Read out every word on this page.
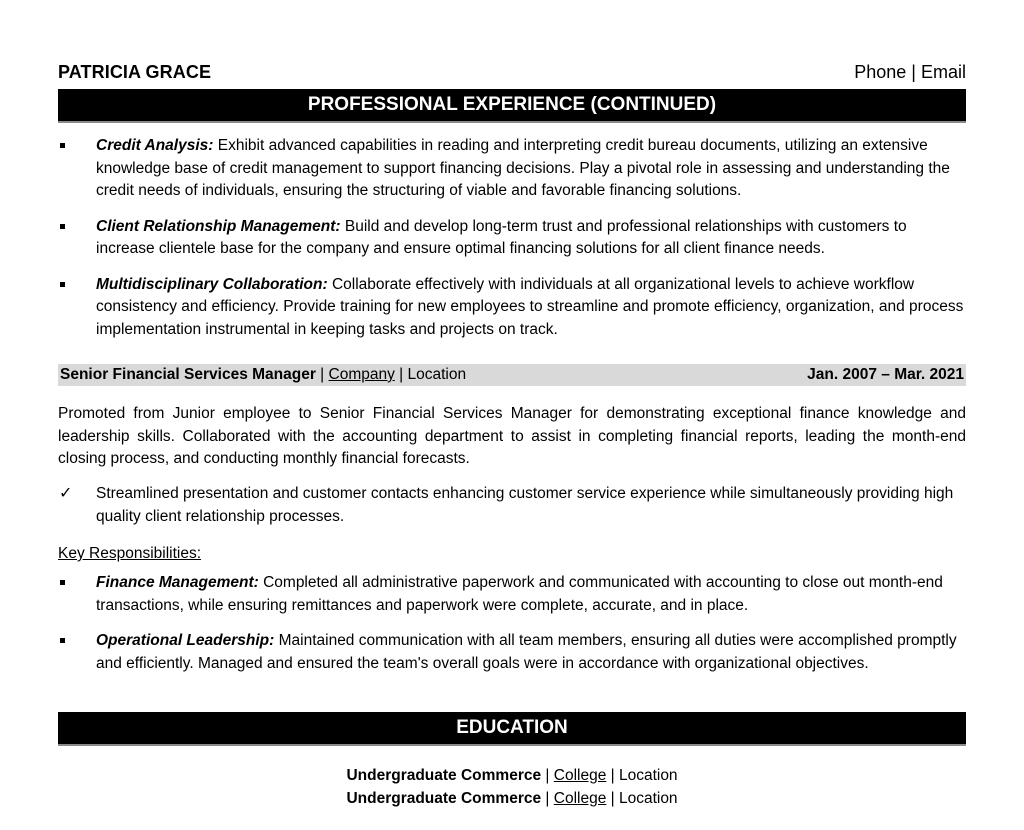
PATRICIA GRACE	Phone | Email
PROFESSIONAL EXPERIENCE (CONTINUED)
Credit Analysis: Exhibit advanced capabilities in reading and interpreting credit bureau documents, utilizing an extensive knowledge base of credit management to support financing decisions. Play a pivotal role in assessing and understanding the credit needs of individuals, ensuring the structuring of viable and favorable financing solutions.
Client Relationship Management: Build and develop long-term trust and professional relationships with customers to increase clientele base for the company and ensure optimal financing solutions for all client finance needs.
Multidisciplinary Collaboration: Collaborate effectively with individuals at all organizational levels to achieve workflow consistency and efficiency. Provide training for new employees to streamline and promote efficiency, organization, and process implementation instrumental in keeping tasks and projects on track.
Senior Financial Services Manager | Company | Location	Jan. 2007 – Mar. 2021

Promoted from Junior employee to Senior Financial Services Manager for demonstrating exceptional finance knowledge and leadership skills. Collaborated with the accounting department to assist in completing financial reports, leading the month-end closing process, and conducting monthly financial forecasts.

✓ Streamlined presentation and customer contacts enhancing customer service experience while simultaneously providing high quality client relationship processes.
Key Responsibilities:
Finance Management: Completed all administrative paperwork and communicated with accounting to close out month-end transactions, while ensuring remittances and paperwork were complete, accurate, and in place.
Operational Leadership: Maintained communication with all team members, ensuring all duties were accomplished promptly and efficiently. Managed and ensured the team's overall goals were in accordance with organizational objectives.
EDUCATION
Undergraduate Commerce | College | Location
Undergraduate Commerce | College | Location
